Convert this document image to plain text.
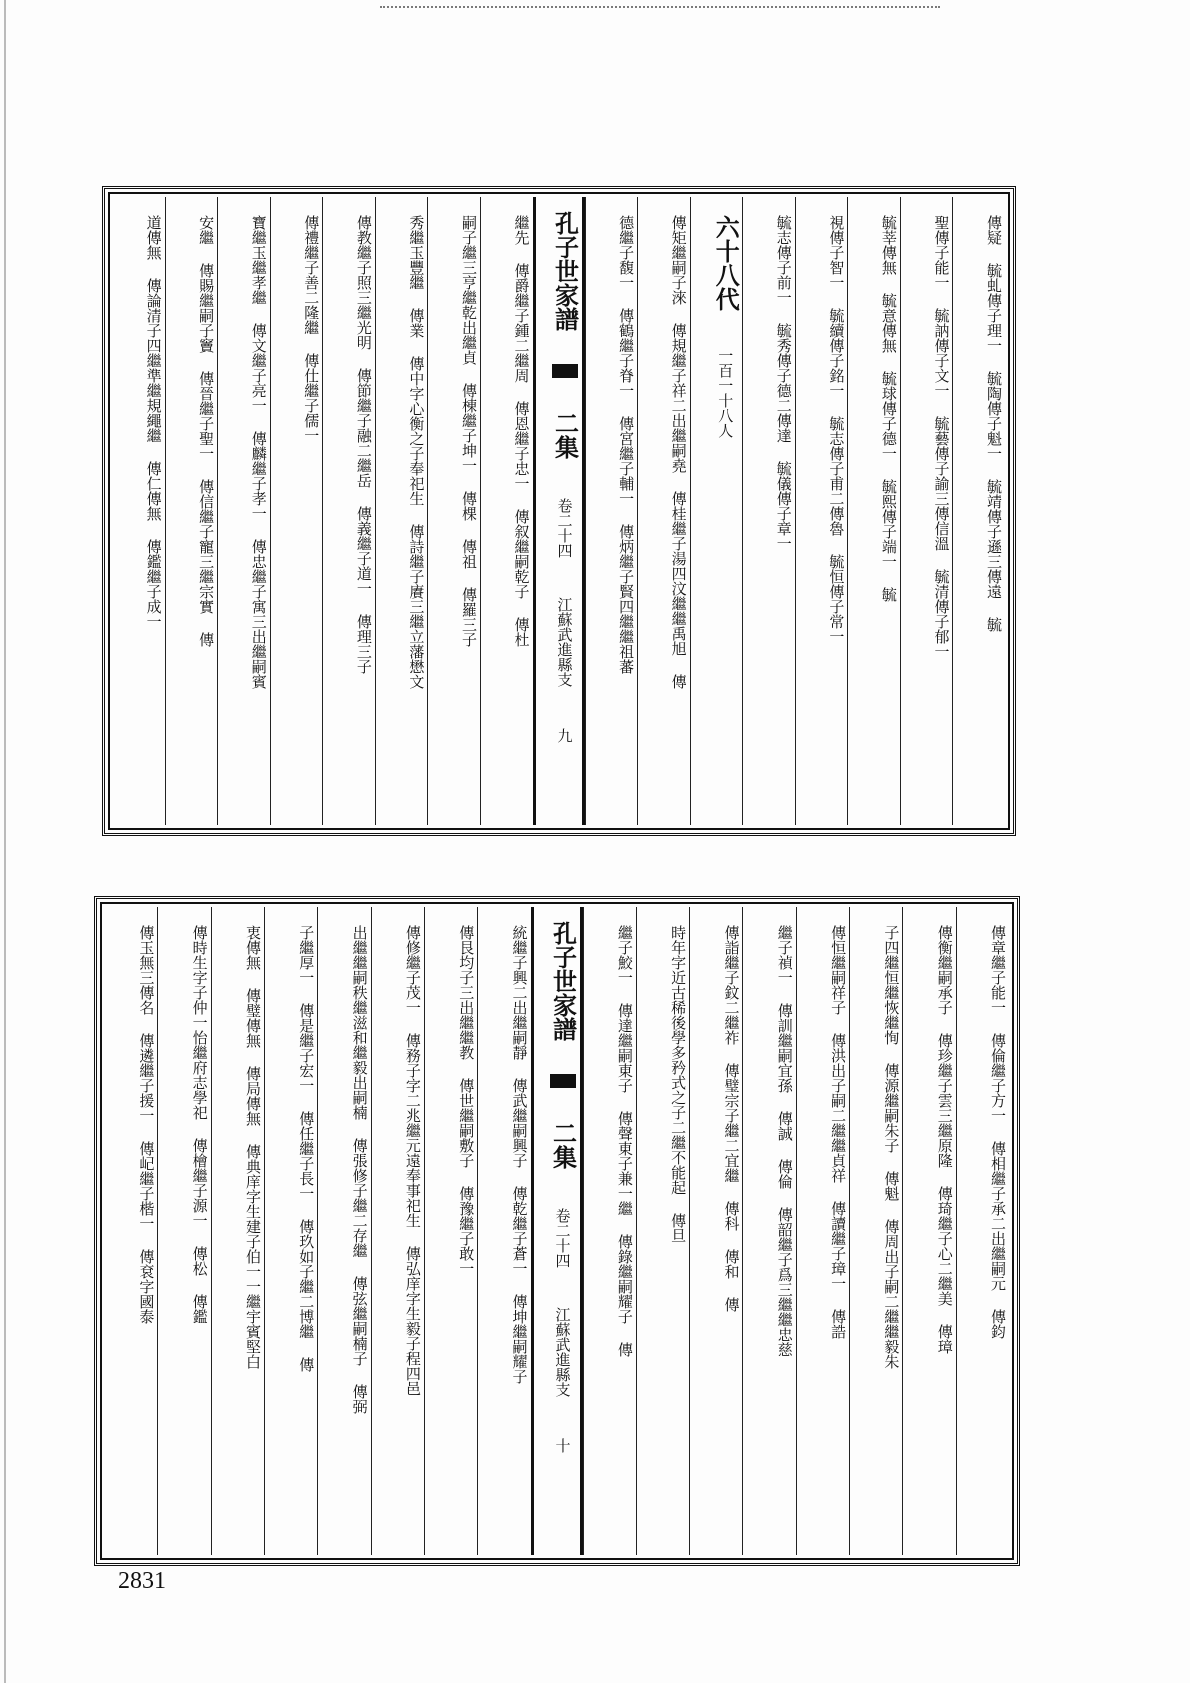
傳疑 毓虬傳子理一 毓陶傳子魁一 毓靖傳子遜三傳遠 毓
聖傳子能一 毓訥傳子文一 毓藝傳子諭三傳信溫 毓清傳子郁一
毓莘傳無 毓意傳無 毓球傳子德一 毓熙傳子端一 毓
視傳子智一 毓續傳子銘一 毓志傳子甫二傳魯 毓恒傳子常一
毓志傳子前一 毓秀傳子德二傳達 毓儀傳子章一
六十八代 一百一十八人
傳矩繼嗣子淶 傳規繼子祥二出繼嗣堯 傳桂繼子湯四汶繼繼禹旭 傳
德繼子馥一 傳鶴繼子脊一 傳宮繼子輔一 傳炳繼子賢四繼繼祖蕃
孔子世家譜  二集 卷二十四 江蘇武進縣支 九
繼先 傳爵繼子鍾二繼周 傳恩繼子忠一 傳叙繼嗣乾子 傳杜
嗣子繼三亨繼乾出繼貞 傳棟繼子坤一 傳棵 傳祖 傳羅三子
秀繼玉豐繼 傳業 傳中字心衡之子奉祀生 傳詩繼子賡三繼立藩懋文
傳教繼子照三繼光明 傳節繼子融二繼岳 傳義繼子道一 傳理三子
傳禮繼子善二隆繼 傳仕繼子儒一
寶繼玉繼孝繼 傳文繼子亮一 傳麟繼子孝一 傳忠繼子寓三出繼嗣賓
安繼 傳賜繼嗣子竇 傳晉繼子聖一 傳信繼子寵三繼宗實 傳
道傳無 傳論清子四繼準繼規繩繼 傳仁傳無 傳鑑繼子成一
傳章繼子能一 傳倫繼子方一 傳相繼子承二出繼嗣元 傳鈞
傳衡繼嗣承子 傳珍繼子雲三繼原隆 傳琦繼子心二繼美 傳璋
子四繼恒繼恢繼恂 傳源繼嗣朱子 傳魁 傳周出子嗣二繼繼毅朱
傳恒繼嗣祥子 傳洪出子嗣二繼繼貞祥 傳讀繼子璋一 傳誥
繼子禎一 傳訓繼嗣宜孫 傳誠 傳倫 傳韶繼子爲三繼繼忠慈
傳詣繼子鈫二繼祚 傳璧宗子繼二宜繼 傳科 傳和 傳
時年字近古稀後學多矜式之子二繼不能起 傳旦
繼子鮫一 傳達繼嗣東子 傳聲東子兼一繼 傳錄繼嗣耀子 傳
孔子世家譜  二集 卷二十四 江蘇武進縣支 十
統繼子興二出繼嗣靜 傳武繼嗣興子 傳乾繼子蒼一 傳坤繼嗣耀子
傳艮均子三出繼繼教 傳世繼嗣敷子 傳豫繼子敢一
傳修繼子茂一 傳務子字二兆繼元遠奉事祀生 傳弘庠字生毅子程四邑
出繼繼嗣秩繼滋和繼毅出嗣楠 傳張修子繼二存繼 傳弦繼嗣楠子 傳弼
子繼厚一 傳是繼子宏一 傳任繼子長一 傳玖如子繼二博繼 傳
衷傳無 傳璧傳無 傳局傳無 傳典庠字生建子伯一一繼宇賓堅白
傳時生字子仲一怡繼府志學祀 傳檜繼子源一 傳松 傳鑑
傳玉無三傳名 傳遴繼子援一 傳屺繼子楷一 傳袞字國泰
2831
